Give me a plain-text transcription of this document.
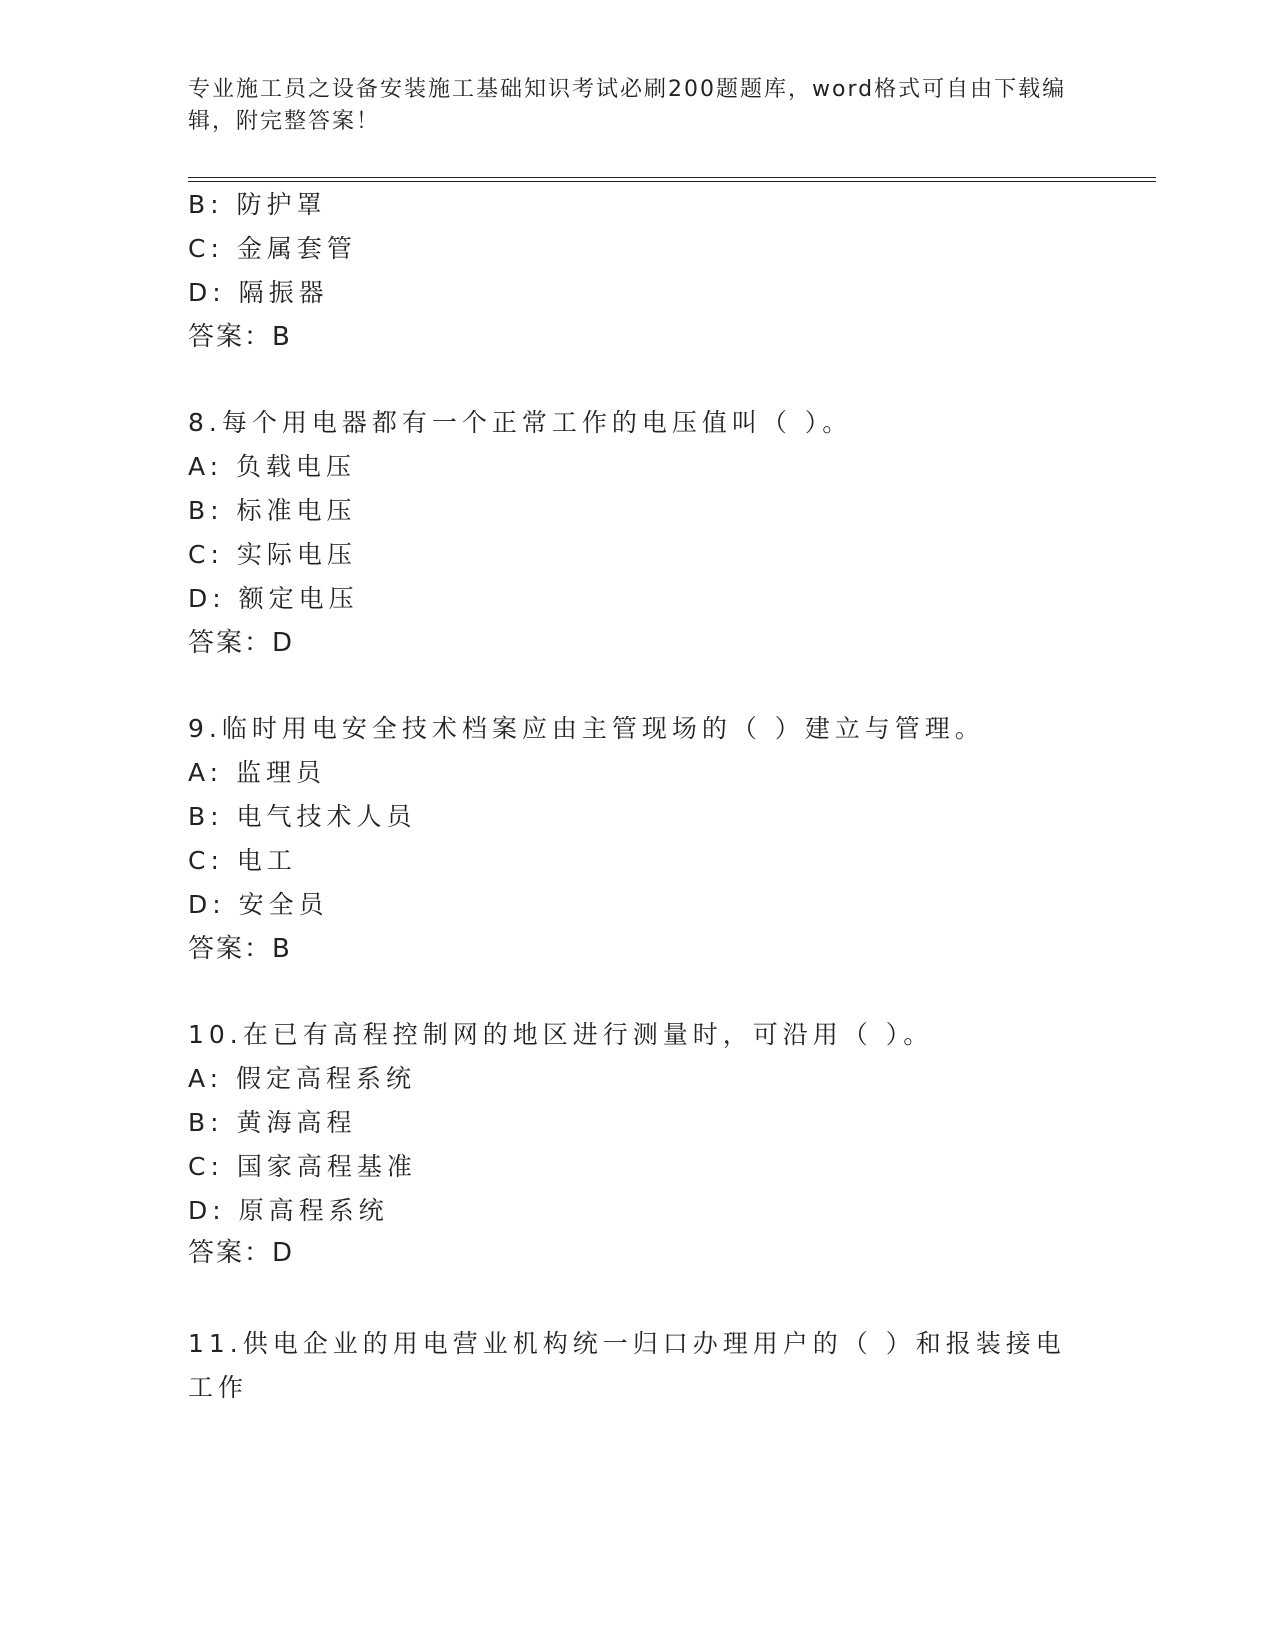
专业施工员之设备安装施工基础知识考试必刷200题题库，word格式可自由下载编辑，附完整答案！
B: 防护罩
C: 金属套管
D: 隔振器
答案：B
8.每个用电器都有一个正常工作的电压值叫（ ）。
A: 负载电压
B: 标准电压
C: 实际电压
D: 额定电压
答案：D
9.临时用电安全技术档案应由主管现场的（ ）建立与管理。
A: 监理员
B: 电气技术人员
C: 电工
D: 安全员
答案：B
10.在已有高程控制网的地区进行测量时，可沿用（ ）。
A: 假定高程系统
B: 黄海高程
C: 国家高程基准
D: 原高程系统
答案：D
11.供电企业的用电营业机构统一归口办理用户的（ ）和报装接电工作
